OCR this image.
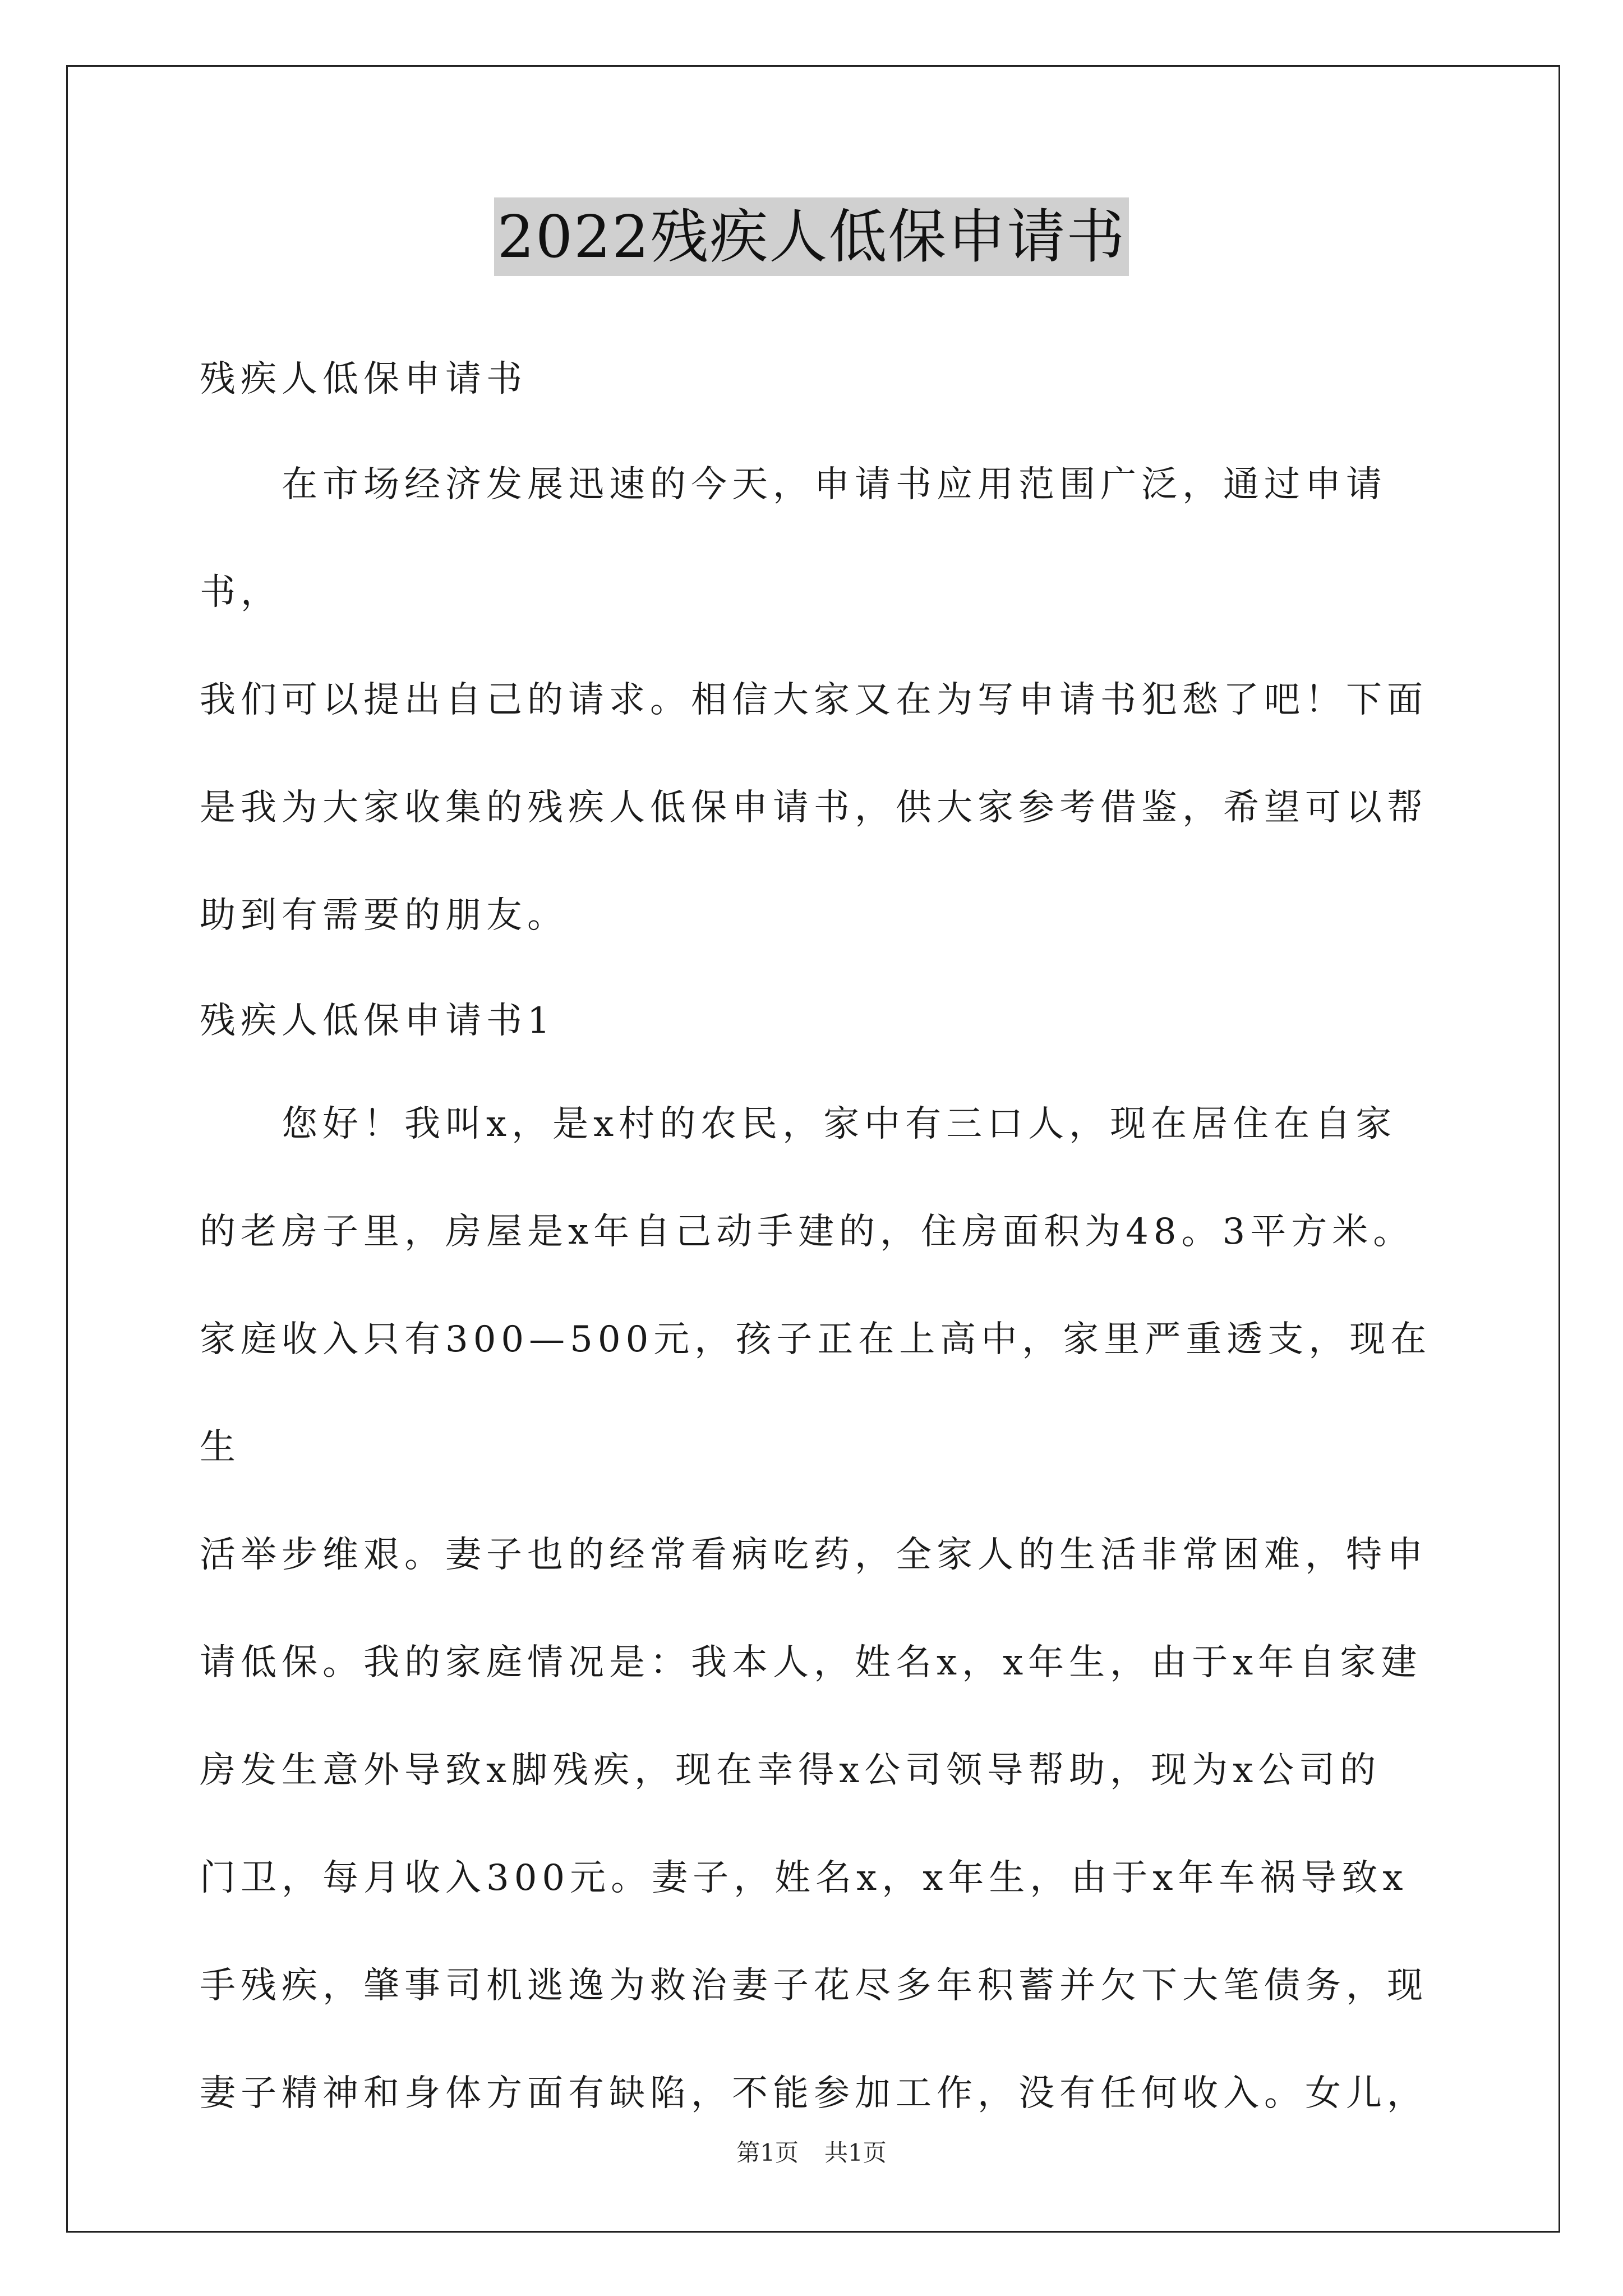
2022残疾人低保申请书
残疾人低保申请书
　　在市场经济发展迅速的今天，申请书应用范围广泛，通过申请书，
我们可以提出自己的请求。相信大家又在为写申请书犯愁了吧！下面
是我为大家收集的残疾人低保申请书，供大家参考借鉴，希望可以帮
助到有需要的朋友。
残疾人低保申请书1
　　您好！我叫x，是x村的农民，家中有三口人，现在居住在自家
的老房子里，房屋是x年自己动手建的，住房面积为48。3平方米。
家庭收入只有300—500元，孩子正在上高中，家里严重透支，现在生
活举步维艰。妻子也的经常看病吃药，全家人的生活非常困难，特申
请低保。我的家庭情况是：我本人，姓名x，x年生，由于x年自家建
房发生意外导致x脚残疾，现在幸得x公司领导帮助，现为x公司的
门卫，每月收入300元。妻子，姓名x，x年生，由于x年车祸导致x
手残疾，肇事司机逃逸为救治妻子花尽多年积蓄并欠下大笔债务，现
妻子精神和身体方面有缺陷，不能参加工作，没有任何收入。女儿，
第1页 共1页
